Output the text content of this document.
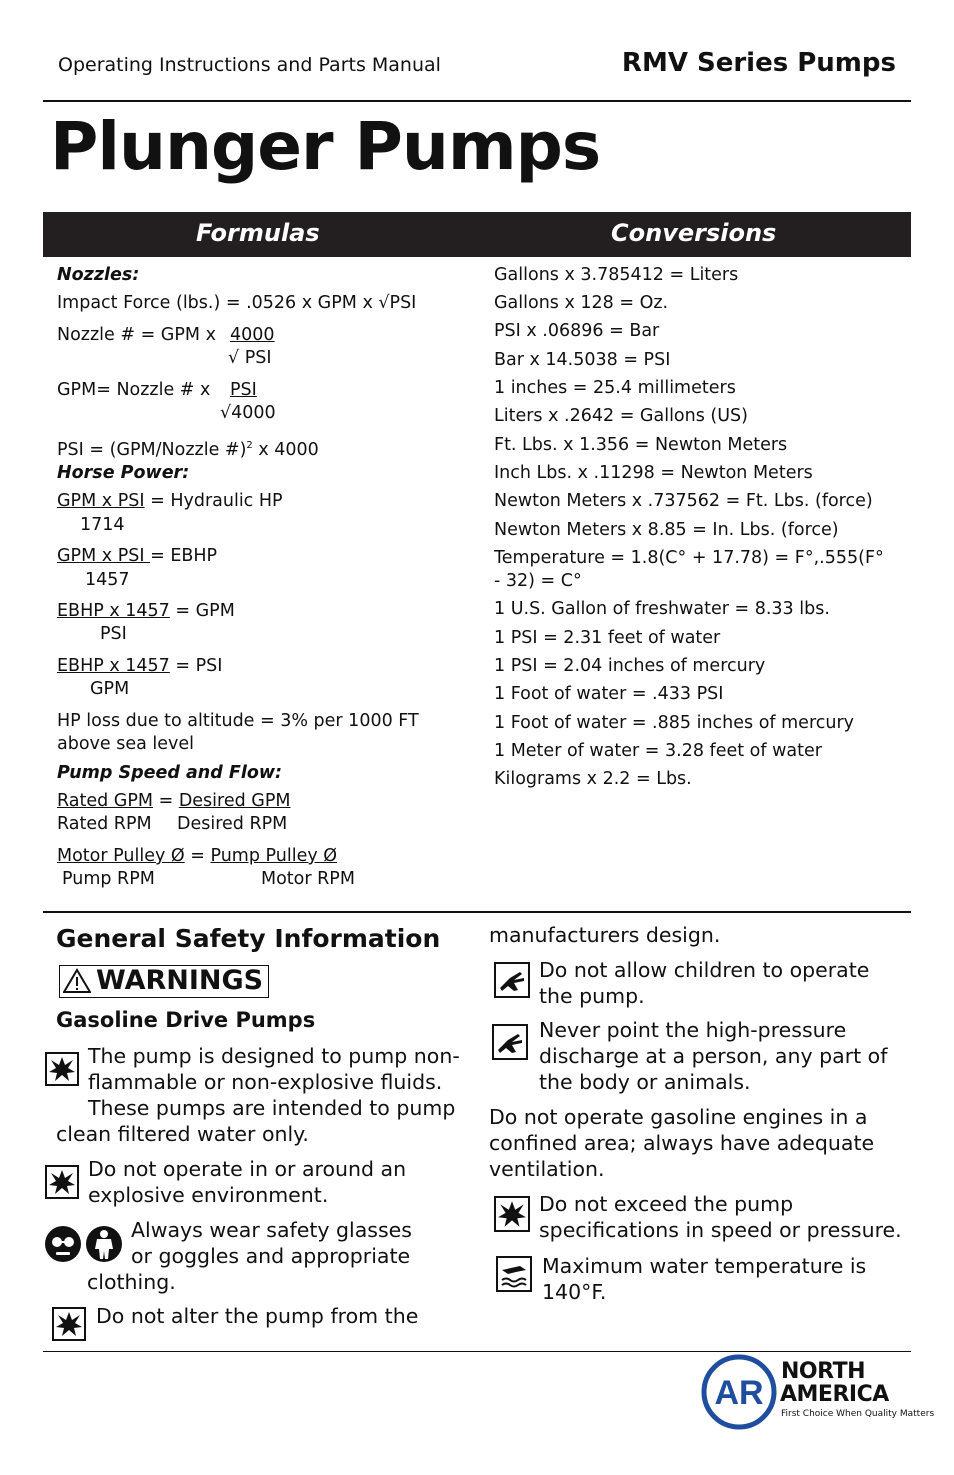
Operating Instructions and Parts Manual	RMV Series Pumps
Plunger Pumps
Formulas	Conversions
Nozzles:
Impact Force (lbs.) = .0526 x GPM x √PSI
Nozzle # = GPM x 4000
√ PSI
GPM= Nozzle # x PSI
√4000
PSI = (GPM/Nozzle #)$^2$ x 4000
Horse Power:
GPM x PSI = Hydraulic HP
1714
GPM x PSI = EBHP
1457
EBHP x 1457 = GPM
PSI
EBHP x 1457 = PSI
GPM
HP loss due to altitude = 3% per 1000 FT
above sea level
Pump Speed and Flow:
Rated GPM = Desired GPM
Rated RPM Desired RPM
Motor Pulley Ø = Pump Pulley Ø
Pump RPM	Motor RPM
Gallons x 3.785412 = Liters
Gallons x 128 = Oz.
PSI x .06896 = Bar
Bar x 14.5038 = PSI
1 inches = 25.4 millimeters
Liters x .2642 = Gallons (US)
Ft. Lbs. x 1.356 = Newton Meters
Inch Lbs. x .11298 = Newton Meters
Newton Meters x .737562 = Ft. Lbs. (force)
Newton Meters x 8.85 = In. Lbs. (force)
Temperature = 1.8(C° + 17.78) = F°,.555(F°
- 32) = C°
1 U.S. Gallon of freshwater = 8.33 lbs.
1 PSI = 2.31 feet of water
1 PSI = 2.04 inches of mercury
1 Foot of water = .433 PSI
1 Foot of water = .885 inches of mercury
1 Meter of water = 3.28 feet of water
Kilograms x 2.2 = Lbs.
General Safety Information
WARNINGS
Gasoline Drive Pumps
The pump is designed to pump non-
flammable or non-explosive fluids.
These pumps are intended to pump
clean filtered water only.
Do not operate in or around an
explosive environment.
Always wear safety glasses
or goggles and appropriate
clothing.
Do not alter the pump from the
manufacturers design.
Do not allow children to operate
the pump.
Never point the high-pressure
discharge at a person, any part of
the body or animals.
Do not operate gasoline engines in a
confined area; always have adequate
ventilation.
Do not exceed the pump
specifications in speed or pressure.
Maximum water temperature is
140°F.
AR
NORTH
AMERICA
First Choice When Quality Matters
